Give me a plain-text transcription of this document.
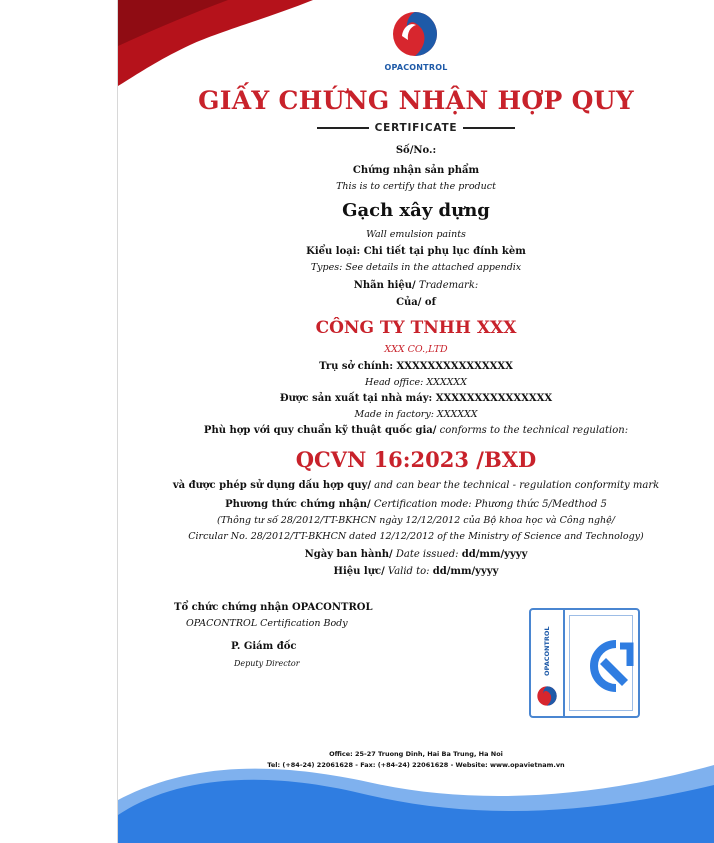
OPACONTROL
GIẤY CHỨNG NHẬN HỢP QUY
CERTIFICATE
Số/No.:
Chứng nhận sản phẩm
This is to certify that the product
Gạch xây dựng
Wall emulsion paints
Kiểu loại: Chi tiết tại phụ lục đính kèm
Types: See details in the attached appendix
Nhãn hiệu/ Trademark:
Của/ of
CÔNG TY TNHH XXX
XXX CO.,LTD
Trụ sở chính: XXXXXXXXXXXXXXX
Head office: XXXXXX
Được sản xuất tại nhà máy: XXXXXXXXXXXXXXX
Made in factory: XXXXXX
Phù hợp với quy chuẩn kỹ thuật quốc gia/ conforms to the technical regulation:
QCVN 16:2023 /BXD
và được phép sử dụng dấu hợp quy/ and can bear the technical - regulation conformity mark
Phương thức chứng nhận/ Certification mode: Phương thức 5/Medthod 5
(Thông tư số 28/2012/TT-BKHCN ngày 12/12/2012 của Bộ khoa học và Công nghệ/
Circular No. 28/2012/TT-BKHCN dated 12/12/2012 of the Ministry of Science and Technology)
Ngày ban hành/ Date issued: dd/mm/yyyy
Hiệu lực/ Valid to: dd/mm/yyyy
Tổ chức chứng nhận OPACONTROL
OPACONTROL Certification Body
P. Giám đốc
Deputy Director	OPACONTROL
Office: 25-27 Truong Dinh, Hai Ba Trung, Ha Noi
Tel: (+84-24) 22061628 - Fax: (+84-24) 22061628 - Website: www.opavietnam.vn
